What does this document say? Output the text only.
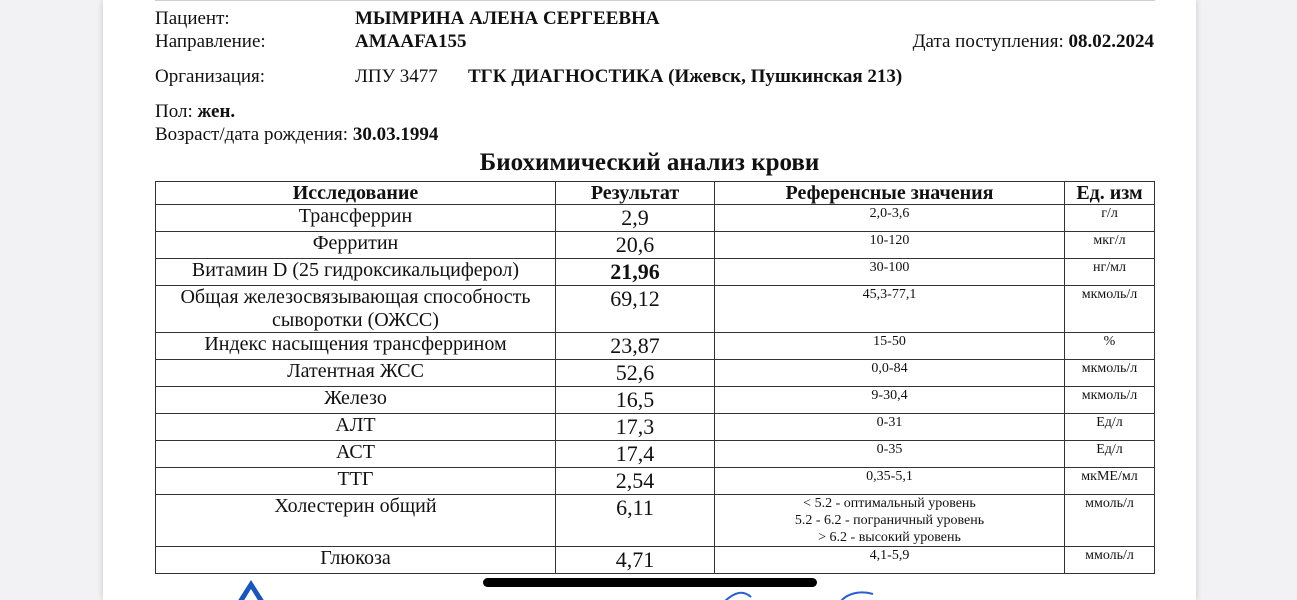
Пациент:	МЫМРИНА АЛЕНА СЕРГЕЕВНА
Направление:	AMAAFA155	Дата поступления: 08.02.2024
Организация:	ЛПУ 3477 ТГК ДИАГНОСТИКА (Ижевск, Пушкинская 213)
Пол: жен.
Возраст/дата рождения: 30.03.1994
Биохимический анализ крови
Исследование	Результат	Референсные значения	Ед. изм
Трансферрин	2,9	2,0-3,6	г/л
Ферритин	20,6	10-120	мкг/л
Витамин D (25 гидроксикальциферол)	21,96	30-100	нг/мл
Общая железосвязывающая способность сыворотки (ОЖСС)	69,12	45,3-77,1	мкмоль/л
Индекс насыщения трансферрином	23,87	15-50	%
Латентная ЖСС	52,6	0,0-84	мкмоль/л
Железо	16,5	9-30,4	мкмоль/л
АЛТ	17,3	0-31	Ед/л
АСТ	17,4	0-35	Ед/л
ТТГ	2,54	0,35-5,1	мкМЕ/мл
Холестерин общий	6,11	< 5.2 - оптимальный уровень
5.2 - 6.2 - пограничный уровень
> 6.2 - высокий уровень	ммоль/л
Глюкоза	4,71	4,1-5,9	ммоль/л
